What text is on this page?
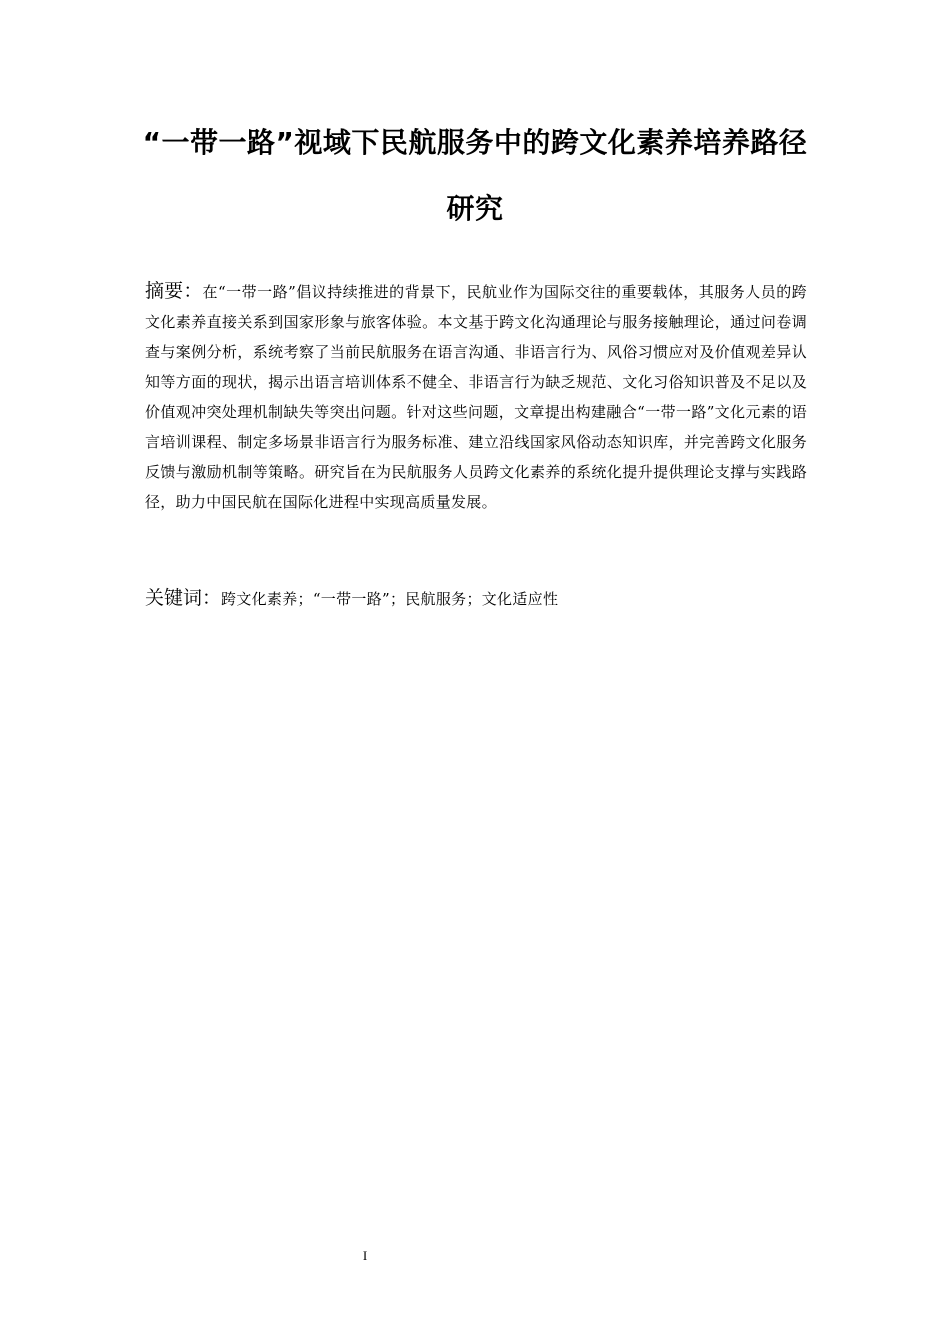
“一带一路”视域下民航服务中的跨文化素养培养路径研究
摘要：在“一带一路”倡议持续推进的背景下，民航业作为国际交往的重要载体，其服务人员的跨文化素养直接关系到国家形象与旅客体验。本文基于跨文化沟通理论与服务接触理论，通过问卷调查与案例分析，系统考察了当前民航服务在语言沟通、非语言行为、风俗习惯应对及价值观差异认知等方面的现状，揭示出语言培训体系不健全、非语言行为缺乏规范、文化习俗知识普及不足以及价值观冲突处理机制缺失等突出问题。针对这些问题，文章提出构建融合“一带一路”文化元素的语言培训课程、制定多场景非语言行为服务标准、建立沿线国家风俗动态知识库，并完善跨文化服务反馈与激励机制等策略。研究旨在为民航服务人员跨文化素养的系统化提升提供理论支撑与实践路径，助力中国民航在国际化进程中实现高质量发展。
关键词：跨文化素养；“一带一路”；民航服务；文化适应性
I
